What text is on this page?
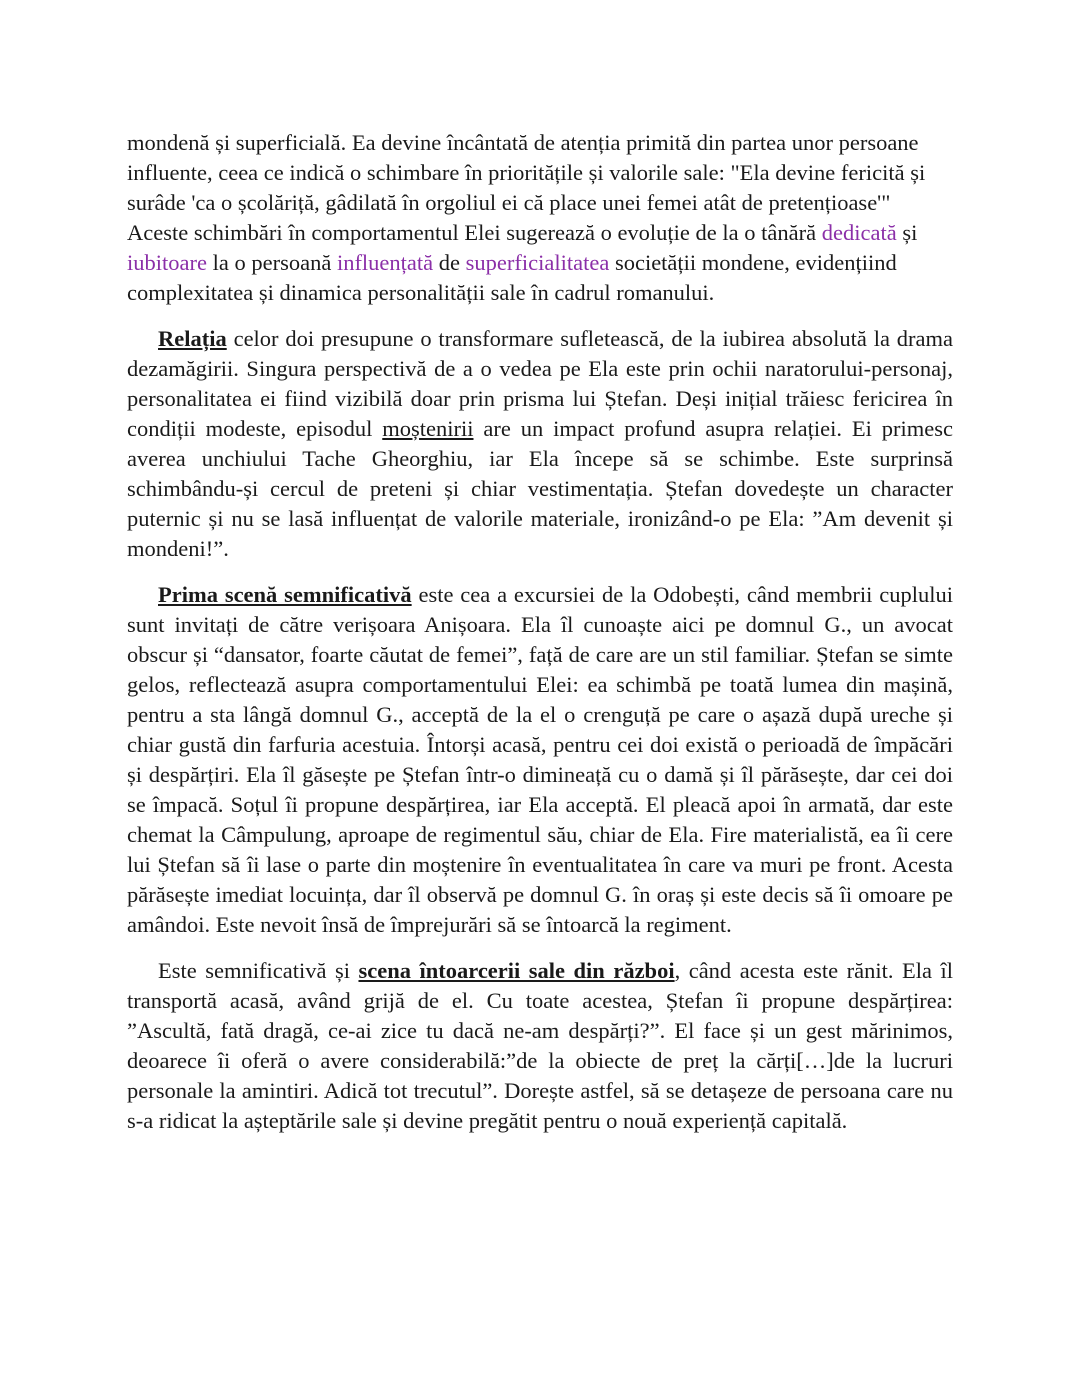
mondenă și superficială. Ea devine încântată de atenția primită din partea unor persoane influente, ceea ce indică o schimbare în prioritățile și valorile sale: "Ela devine fericită și surâde 'ca o școlăriță, gâdilată în orgoliul ei că place unei femei atât de pretențioase'" Aceste schimbări în comportamentul Elei sugerează o evoluție de la o tânără dedicată și iubitoare la o persoană influențată de superficialitatea societății mondene, evidențiind complexitatea și dinamica personalității sale în cadrul romanului.

Relația celor doi presupune o transformare sufletească, de la iubirea absolută la drama dezamăgirii. Singura perspectivă de a o vedea pe Ela este prin ochii naratorului-personaj, personalitatea ei fiind vizibilă doar prin prisma lui Ștefan. Deși inițial trăiesc fericirea în condiții modeste, episodul moștenirii are un impact profund asupra relației. Ei primesc averea unchiului Tache Gheorghiu, iar Ela începe să se schimbe. Este surprinsă schimbându-și cercul de preteni și chiar vestimentația. Ștefan dovedește un character puternic și nu se lasă influențat de valorile materiale, ironizând-o pe Ela: ”Am devenit și mondeni!”.

Prima scenă semnificativă este cea a excursiei de la Odobești, când membrii cuplului sunt invitați de către verișoara Anișoara. Ela îl cunoaște aici pe domnul G., un avocat obscur și “dansator, foarte căutat de femei”, față de care are un stil familiar. Ștefan se simte gelos, reflectează asupra comportamentului Elei: ea schimbă pe toată lumea din mașină, pentru a sta lângă domnul G., acceptă de la el o crenguță pe care o așază după ureche și chiar gustă din farfuria acestuia. Întorși acasă, pentru cei doi există o perioadă de împăcări și despărțiri. Ela îl găsește pe Ștefan într-o dimineață cu o damă și îl părăsește, dar cei doi se împacă. Soțul îi propune despărțirea, iar Ela acceptă. El pleacă apoi în armată, dar este chemat la Câmpulung, aproape de regimentul său, chiar de Ela. Fire materialistă, ea îi cere lui Ștefan să îi lase o parte din moștenire în eventualitatea în care va muri pe front. Acesta părăsește imediat locuința, dar îl observă pe domnul G. în oraș și este decis să îi omoare pe amândoi. Este nevoit însă de împrejurări să se întoarcă la regiment.

Este semnificativă și scena întoarcerii sale din război, când acesta este rănit. Ela îl transportă acasă, având grijă de el. Cu toate acestea, Ștefan îi propune despărțirea: ”Ascultă, fată dragă, ce-ai zice tu dacă ne-am despărți?”. El face și un gest mărinimos, deoarece îi oferă o avere considerabilă:”de la obiecte de preț la cărți[…]de la lucruri personale la amintiri. Adică tot trecutul”. Dorește astfel, să se detașeze de persoana care nu s-a ridicat la așteptările sale și devine pregătit pentru o nouă experiență capitală.
